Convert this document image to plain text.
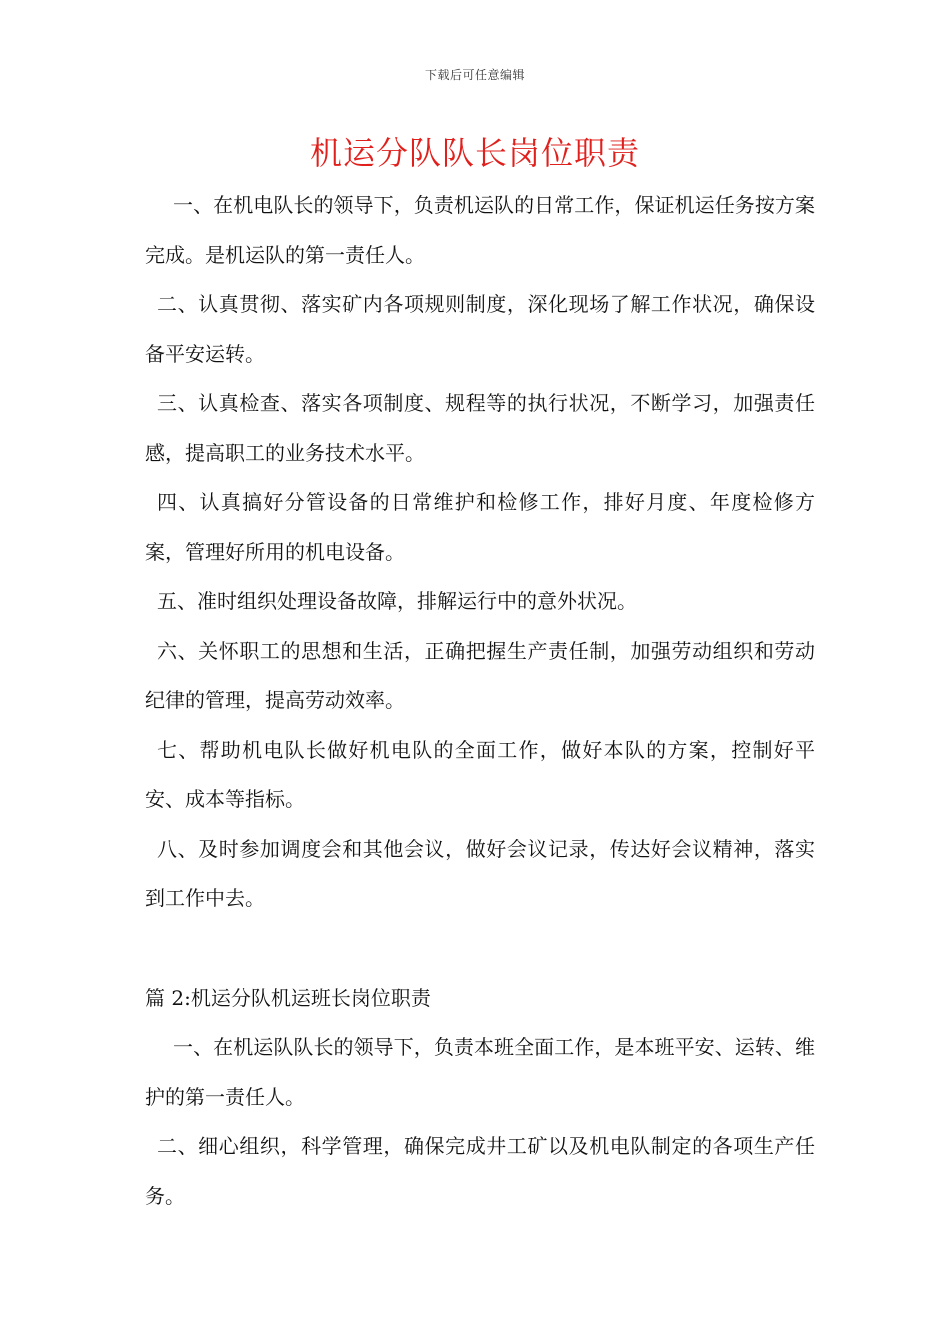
下载后可任意编辑
机运分队队长岗位职责

一、在机电队长的领导下，负责机运队的日常工作，保证机运任务按方案完成。是机运队的第一责任人。

二、认真贯彻、落实矿内各项规则制度，深化现场了解工作状况，确保设备平安运转。

三、认真检查、落实各项制度、规程等的执行状况，不断学习，加强责任感，提高职工的业务技术水平。

四、认真搞好分管设备的日常维护和检修工作，排好月度、年度检修方案，管理好所用的机电设备。

五、准时组织处理设备故障，排解运行中的意外状况。

六、关怀职工的思想和生活，正确把握生产责任制，加强劳动组织和劳动纪律的管理，提高劳动效率。

七、帮助机电队长做好机电队的全面工作，做好本队的方案，控制好平安、成本等指标。

八、及时参加调度会和其他会议，做好会议记录，传达好会议精神，落实到工作中去。

篇 2:机运分队机运班长岗位职责

一、在机运队队长的领导下，负责本班全面工作，是本班平安、运转、维护的第一责任人。

二、细心组织，科学管理，确保完成井工矿以及机电队制定的各项生产任务。
